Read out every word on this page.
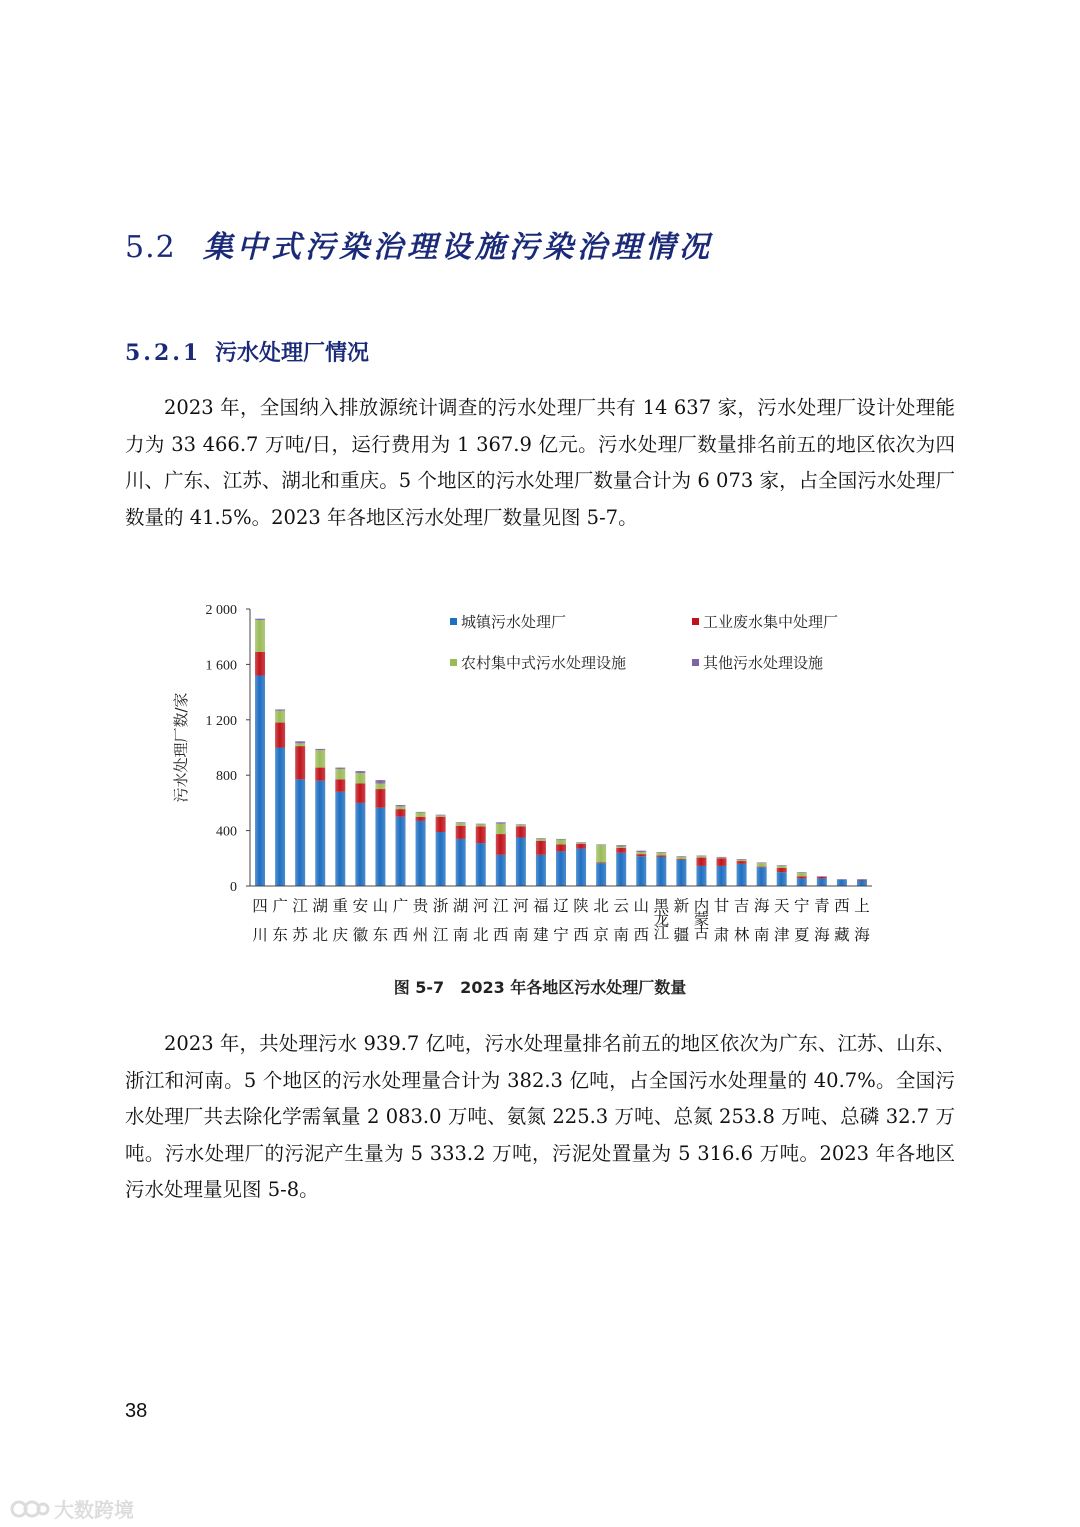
5.2 集中式污染治理设施污染治理情况
5.2.1 污水处理厂情况

2023 年，全国纳入排放源统计调查的污水处理厂共有 14 637 家，污水处理厂设计处理能力为 33 466.7 万吨/日，运行费用为 1 367.9 亿元。污水处理厂数量排名前五的地区依次为四川、广东、江苏、湖北和重庆。5 个地区的污水处理厂数量合计为 6 073 家，占全国污水处理厂数量的 41.5%。2023 年各地区污水处理厂数量见图 5-7。

0
400
800
1 200
1 600
2 000
污水处理厂数/家
城镇污水处理厂	工业废水集中处理厂
农村集中式污水处理设施	其他污水处理设施
四川
广东
江苏
湖北
重庆
安徽
山东
广西
贵州
浙江
湖南
河北
江西
河南
福建
辽宁
陕西
北京
云南
山西
黑龙江
新疆
内蒙古
甘肃
吉林
海南
天津
宁夏
青海
西藏
上海
图 5-7　2023 年各地区污水处理厂数量

2023 年，共处理污水 939.7 亿吨，污水处理量排名前五的地区依次为广东、江苏、山东、浙江和河南。5 个地区的污水处理量合计为 382.3 亿吨，占全国污水处理量的 40.7%。全国污水处理厂共去除化学需氧量 2 083.0 万吨、氨氮 225.3 万吨、总氮 253.8 万吨、总磷 32.7 万吨。污水处理厂的污泥产生量为 5 333.2 万吨，污泥处置量为 5 316.6 万吨。2023 年各地区污水处理量见图 5-8。

38
大数跨境
